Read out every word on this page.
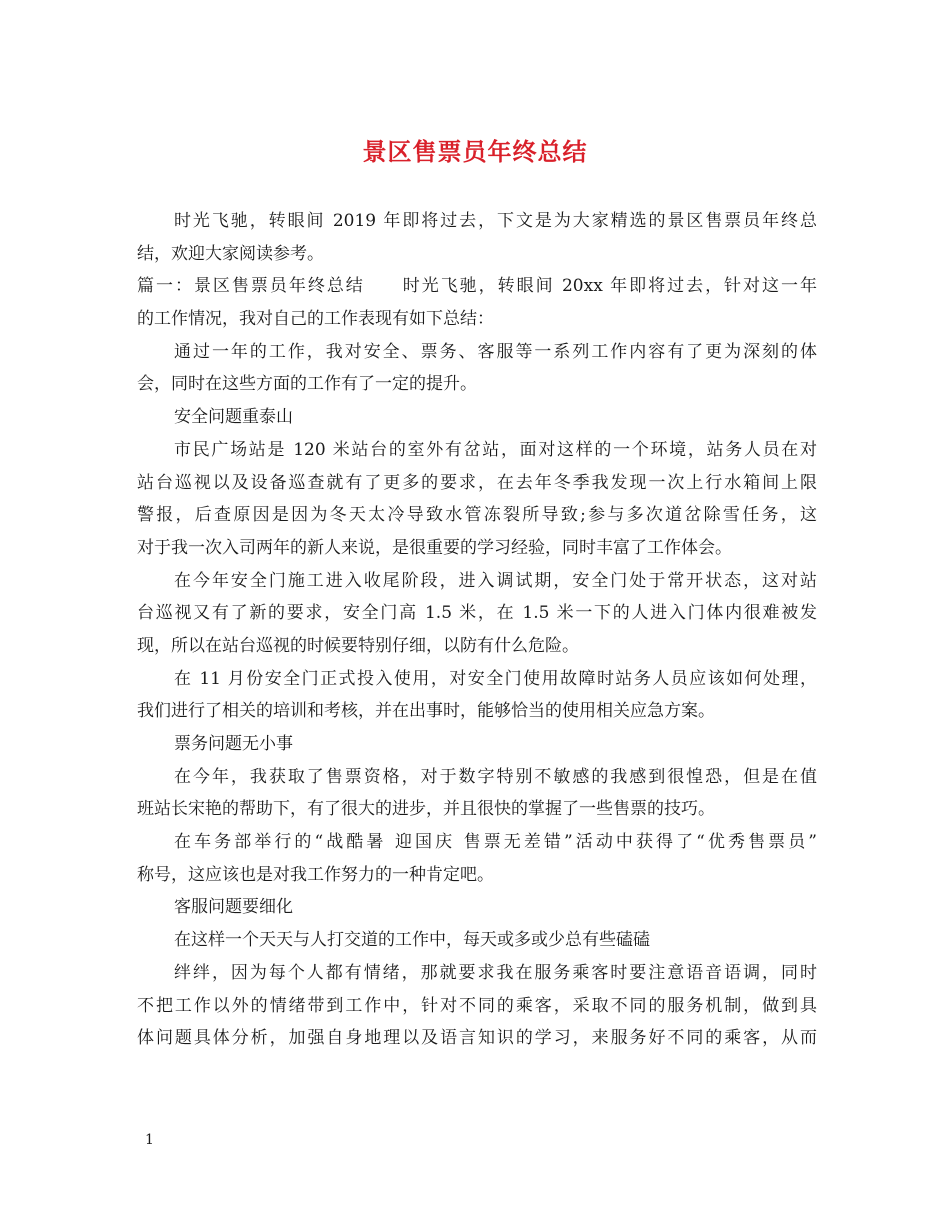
景区售票员年终总结
时光飞驰，转眼间 2019 年即将过去，下文是为大家精选的景区售票员年终总
结，欢迎大家阅读参考。
篇一：景区售票员年终总结　　时光飞驰，转眼间 20xx 年即将过去，针对这一年
的工作情况，我对自己的工作表现有如下总结：
通过一年的工作，我对安全、票务、客服等一系列工作内容有了更为深刻的体
会，同时在这些方面的工作有了一定的提升。
安全问题重泰山
市民广场站是 120 米站台的室外有岔站，面对这样的一个环境，站务人员在对
站台巡视以及设备巡查就有了更多的要求，在去年冬季我发现一次上行水箱间上限
警报，后查原因是因为冬天太冷导致水管冻裂所导致;参与多次道岔除雪任务，这
对于我一次入司两年的新人来说，是很重要的学习经验，同时丰富了工作体会。
在今年安全门施工进入收尾阶段，进入调试期，安全门处于常开状态，这对站
台巡视又有了新的要求，安全门高 1.5 米，在 1.5 米一下的人进入门体内很难被发
现，所以在站台巡视的时候要特别仔细，以防有什么危险。
在 11 月份安全门正式投入使用，对安全门使用故障时站务人员应该如何处理，
我们进行了相关的培训和考核，并在出事时，能够恰当的使用相关应急方案。
票务问题无小事
在今年，我获取了售票资格，对于数字特别不敏感的我感到很惶恐，但是在值
班站长宋艳的帮助下，有了很大的进步，并且很快的掌握了一些售票的技巧。
在车务部举行的“战酷暑 迎国庆 售票无差错”活动中获得了“优秀售票员”
称号，这应该也是对我工作努力的一种肯定吧。
客服问题要细化
在这样一个天天与人打交道的工作中，每天或多或少总有些磕磕
绊绊，因为每个人都有情绪，那就要求我在服务乘客时要注意语音语调，同时
不把工作以外的情绪带到工作中，针对不同的乘客，采取不同的服务机制，做到具
体问题具体分析，加强自身地理以及语言知识的学习，来服务好不同的乘客，从而
1
